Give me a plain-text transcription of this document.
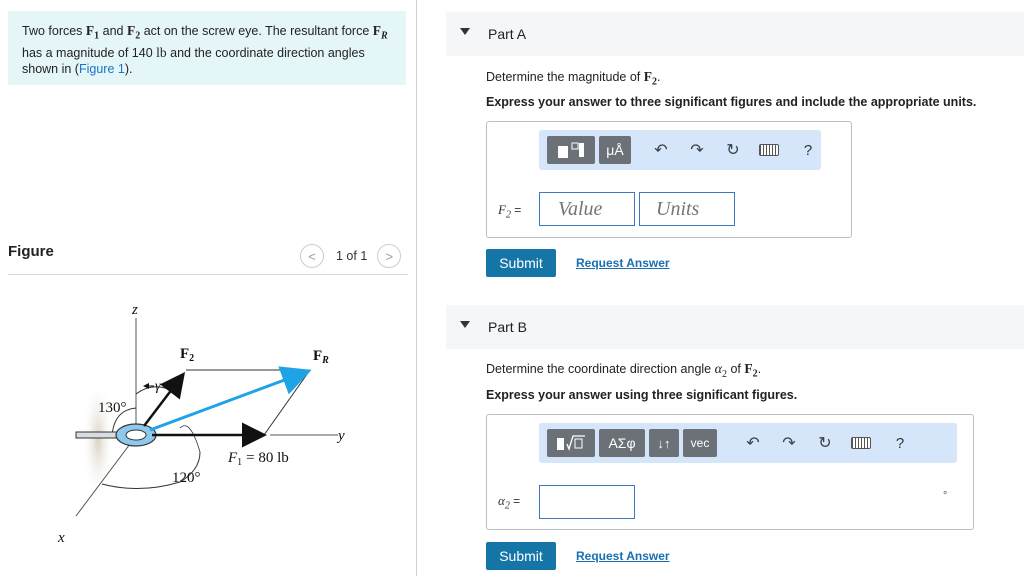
Two forces $F_1$ and $F_2$ act on the screw eye. The resultant force $F_R$ has a magnitude of 140 lb and the coordinate direction angles shown in (Figure 1).
Figure	<	1 of 1	>
z
y
x
$F_2$	$F_R$
γ
130°
120°
$F_1 = 80$ lb
Part A
Determine the magnitude of $F_2$.
Express your answer to three significant figures and include the appropriate units.
μÅ	↶	↷	↻	?
$F_2$ =
Value
Units
Submit	Request Answer
Part B
Determine the coordinate direction angle $\alpha_2$ of $F_2$.
Express your answer using three significant figures.
ΑΣφ	↓↑	vec	↶	↷	↻	?
$\alpha_2$ =	°
Submit	Request Answer
